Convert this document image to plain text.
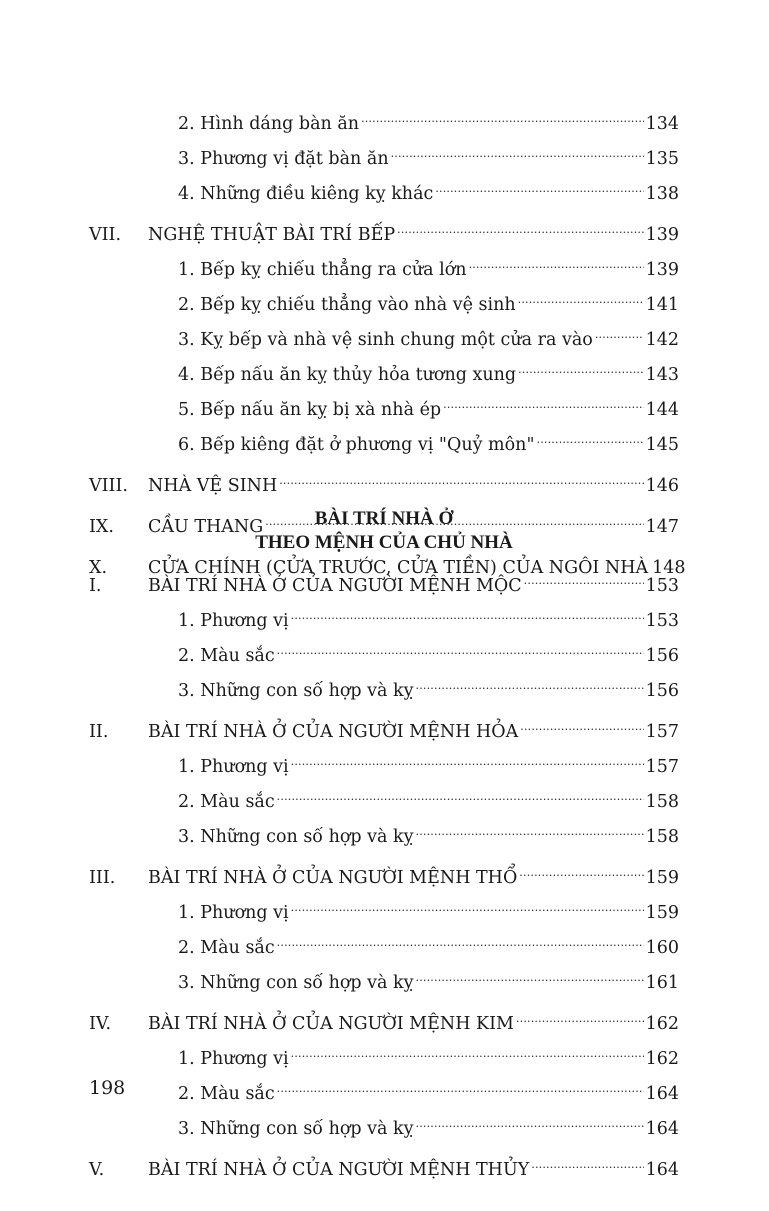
2. Hình dáng bàn ăn .....	134
3. Phương vị đặt bàn ăn .....	135
4. Những điều kiêng kỵ khác .....	138
VII.	NGHỆ THUẬT BÀI TRÍ BẾP .....	139
1. Bếp kỵ chiếu thẳng ra cửa lớn .....	139
2. Bếp kỵ chiếu thẳng vào nhà vệ sinh .....	141
3. Kỵ bếp và nhà vệ sinh chung một cửa ra vào .....	142
4. Bếp nấu ăn kỵ thủy hỏa tương xung .....	143
5. Bếp nấu ăn kỵ bị xà nhà ép .....	144
6. Bếp kiêng đặt ở phương vị "Quỷ môn" .....	145
VIII.	NHÀ VỆ SINH .....	146
IX.	CẦU THANG .....	147
X.	CỬA CHÍNH (CỬA TRƯỚC, CỬA TIỀN) CỦA NGÔI NHÀ 148
BÀI TRÍ NHÀ Ở
THEO MỆNH CỦA CHỦ NHÀ
I.	BÀI TRÍ NHÀ Ở CỦA NGƯỜI MỆNH MỘC .....	153
1. Phương vị .....	153
2. Màu sắc .....	156
3. Những con số hợp và kỵ .....	156
II.	BÀI TRÍ NHÀ Ở CỦA NGƯỜI MỆNH HỎA .....	157
1. Phương vị .....	157
2. Màu sắc .....	158
3. Những con số hợp và kỵ .....	158
III.	BÀI TRÍ NHÀ Ở CỦA NGƯỜI MỆNH THỔ .....	159
1. Phương vị .....	159
2. Màu sắc .....	160
3. Những con số hợp và kỵ .....	161
IV.	BÀI TRÍ NHÀ Ở CỦA NGƯỜI MỆNH KIM .....	162
1. Phương vị .....	162
2. Màu sắc .....	164
3. Những con số hợp và kỵ .....	164
V.	BÀI TRÍ NHÀ Ở CỦA NGƯỜI MỆNH THỦY .....	164
198
